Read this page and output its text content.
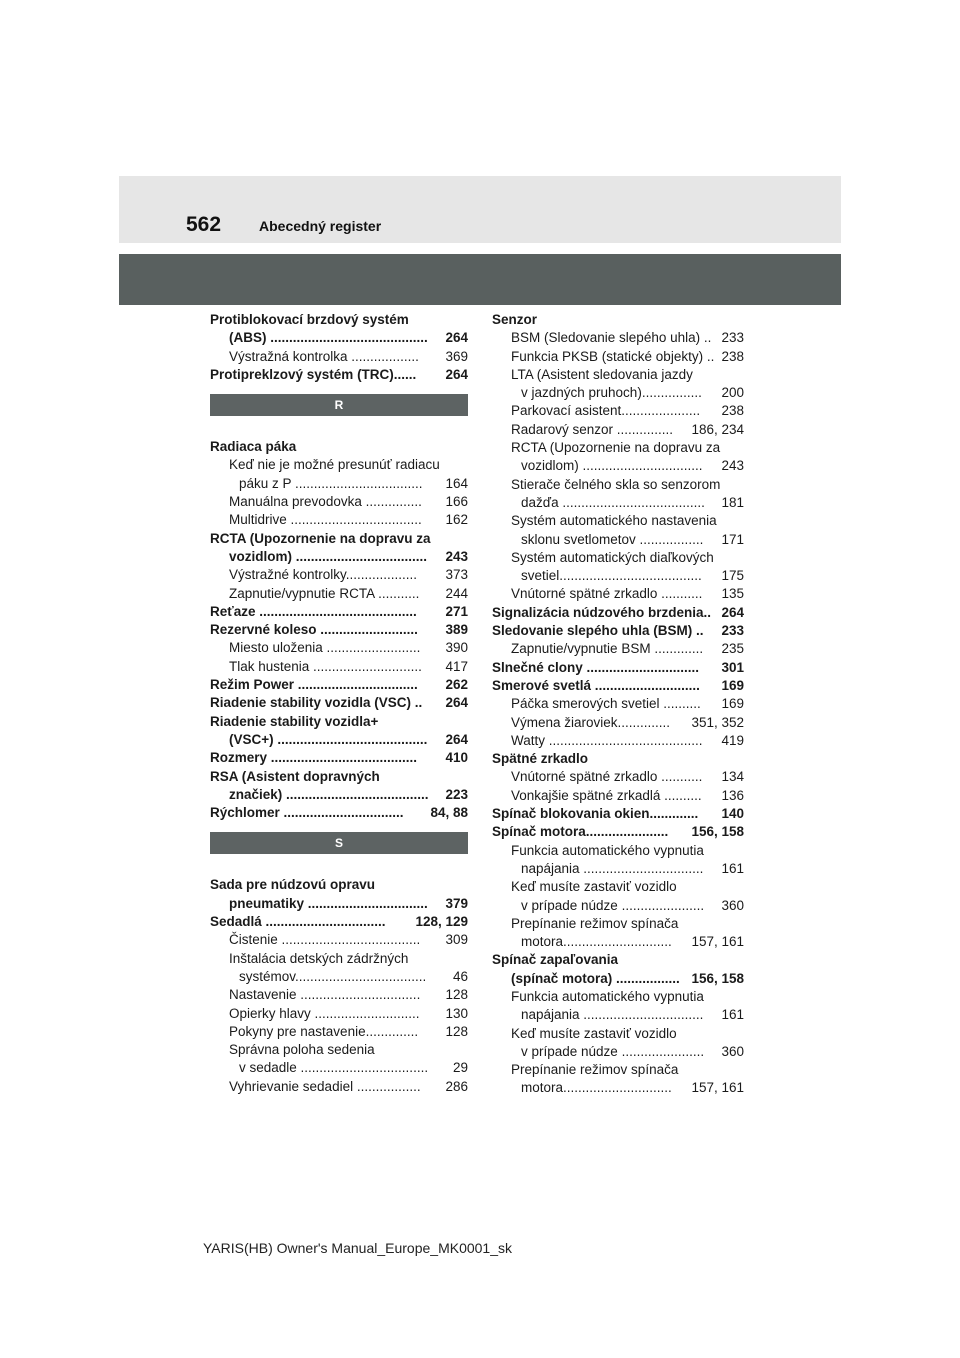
562	Abecedný register
Protiblokovací brzdový systém
(ABS) .......................................... 264
Výstražná kontrolka .................. 369
Protipreklzový systém (TRC)...... 264
R
Radiaca páka
Keď nie je možné presunúť radiacu
páku z P .................................. 164
Manuálna prevodovka ............... 166
Multidrive ................................... 162
RCTA (Upozornenie na dopravu za
vozidlom) ................................... 243
Výstražné kontrolky................... 373
Zapnutie/vypnutie RCTA ........... 244
Reťaze .......................................... 271
Rezervné koleso .......................... 389
Miesto uloženia ......................... 390
Tlak hustenia ............................. 417
Režim Power ................................ 262
Riadenie stability vozidla (VSC) .. 264
Riadenie stability vozidla+
(VSC+) ........................................ 264
Rozmery ....................................... 410
RSA (Asistent dopravných
značiek) ...................................... 223
Rýchlomer ................................ 84, 88
S
Sada pre núdzovú opravu
pneumatiky ................................ 379
Sedadlá ................................ 128, 129
Čistenie ..................................... 309
Inštalácia detských zádržných
systémov................................... 46
Nastavenie ................................ 128
Opierky hlavy ............................ 130
Pokyny pre nastavenie.............. 128
Správna poloha sedenia
v sedadle .................................. 29
Vyhrievanie sedadiel ................. 286
Senzor
BSM (Sledovanie slepého uhla) .. 233
Funkcia PKSB (statické objekty) .. 238
LTA (Asistent sledovania jazdy
v jazdných pruhoch)................ 200
Parkovací asistent..................... 238
Radarový senzor ............... 186, 234
RCTA (Upozornenie na dopravu za
vozidlom) ................................ 243
Stierače čelného skla so senzorom
dažďa ...................................... 181
Systém automatického nastavenia
sklonu svetlometov ................. 171
Systém automatických diaľkových
svetiel...................................... 175
Vnútorné spätné zrkadlo ........... 135
Signalizácia núdzového brzdenia.. 264
Sledovanie slepého uhla (BSM) .. 233
Zapnutie/vypnutie BSM ............. 235
Slnečné clony .............................. 301
Smerové svetlá ............................ 169
Páčka smerových svetiel .......... 169
Výmena žiaroviek.............. 351, 352
Watty ......................................... 419
Spätné zrkadlo
Vnútorné spätné zrkadlo ........... 134
Vonkajšie spätné zrkadlá .......... 136
Spínač blokovania okien............. 140
Spínač motora...................... 156, 158
Funkcia automatického vypnutia
napájania ................................ 161
Keď musíte zastaviť vozidlo
v prípade núdze ...................... 360
Prepínanie režimov spínača
motora............................. 157, 161
Spínač zapaľovania
(spínač motora) ................. 156, 158
Funkcia automatického vypnutia
napájania ................................ 161
Keď musíte zastaviť vozidlo
v prípade núdze ...................... 360
Prepínanie režimov spínača
motora............................. 157, 161
YARIS(HB) Owner's Manual_Europe_MK0001_sk
